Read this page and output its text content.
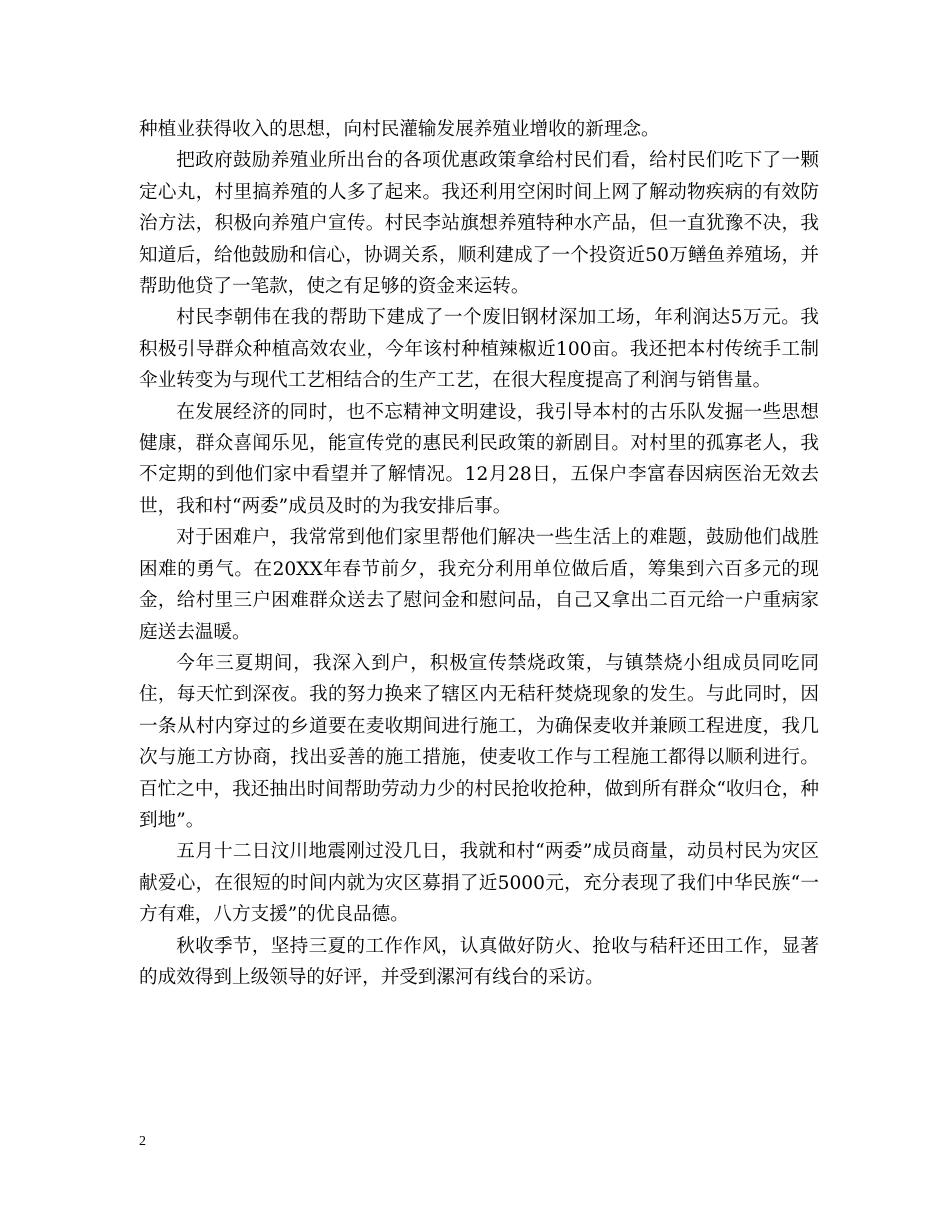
种植业获得收入的思想，向村民灌输发展养殖业增收的新理念。

把政府鼓励养殖业所出台的各项优惠政策拿给村民们看，给村民们吃下了一颗定心丸，村里搞养殖的人多了起来。我还利用空闲时间上网了解动物疾病的有效防治方法，积极向养殖户宣传。村民李站旗想养殖特种水产品，但一直犹豫不决，我知道后，给他鼓励和信心，协调关系，顺利建成了一个投资近50万鳝鱼养殖场，并帮助他贷了一笔款，使之有足够的资金来运转。

村民李朝伟在我的帮助下建成了一个废旧钢材深加工场，年利润达5万元。我积极引导群众种植高效农业，今年该村种植辣椒近100亩。我还把本村传统手工制伞业转变为与现代工艺相结合的生产工艺，在很大程度提高了利润与销售量。

在发展经济的同时，也不忘精神文明建设，我引导本村的古乐队发掘一些思想健康，群众喜闻乐见，能宣传党的惠民利民政策的新剧目。对村里的孤寡老人，我不定期的到他们家中看望并了解情况。12月28日，五保户李富春因病医治无效去世，我和村“两委”成员及时的为我安排后事。

对于困难户，我常常到他们家里帮他们解决一些生活上的难题，鼓励他们战胜困难的勇气。在20XX年春节前夕，我充分利用单位做后盾，筹集到六百多元的现金，给村里三户困难群众送去了慰问金和慰问品，自己又拿出二百元给一户重病家庭送去温暖。

今年三夏期间，我深入到户，积极宣传禁烧政策，与镇禁烧小组成员同吃同住，每天忙到深夜。我的努力换来了辖区内无秸秆焚烧现象的发生。与此同时，因一条从村内穿过的乡道要在麦收期间进行施工，为确保麦收并兼顾工程进度，我几次与施工方协商，找出妥善的施工措施，使麦收工作与工程施工都得以顺利进行。百忙之中，我还抽出时间帮助劳动力少的村民抢收抢种，做到所有群众“收归仓，种到地”。

五月十二日汶川地震刚过没几日，我就和村“两委”成员商量，动员村民为灾区献爱心，在很短的时间内就为灾区募捐了近5000元，充分表现了我们中华民族“一方有难，八方支援”的优良品德。

秋收季节，坚持三夏的工作作风，认真做好防火、抢收与秸秆还田工作，显著的成效得到上级领导的好评，并受到漯河有线台的采访。

2
